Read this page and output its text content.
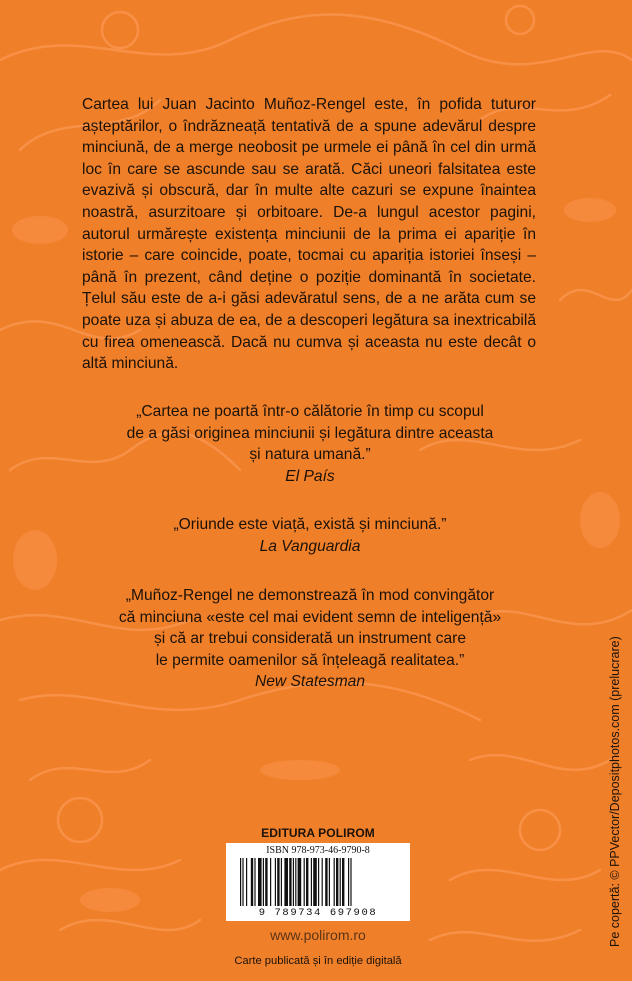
Cartea lui Juan Jacinto Muñoz-Rengel este, în pofida tuturor așteptărilor, o îndrăzneață tentativă de a spune adevărul despre minciună, de a merge neobosit pe urmele ei până în cel din urmă loc în care se ascunde sau se arată. Căci uneori falsitatea este evazivă și obscură, dar în multe alte cazuri se expune înaintea noastră, asurzitoare și orbitoare. De-a lungul acestor pagini, autorul urmărește existența minciunii de la prima ei apariție în istorie – care coincide, poate, tocmai cu apariția istoriei înseși – până în prezent, când deține o poziție dominantă în societate. Țelul său este de a-i găsi adevăratul sens, de a ne arăta cum se poate uza și abuza de ea, de a descoperi legătura sa inextricabilă cu firea omenească. Dacă nu cumva și aceasta nu este decât o altă minciună.

„Cartea ne poartă într-o călătorie în timp cu scopul

de a găsi originea minciunii și legătura dintre aceasta

și natura umană.”

El País

„Oriunde este viață, există și minciună.”

La Vanguardia

„Muñoz-Rengel ne demonstrează în mod convingător

că minciuna «este cel mai evident semn de inteligență»

și că ar trebui considerată un instrument care

le permite oamenilor să înțeleagă realitatea.”

New Statesman

EDITURA POLIROM
ISBN 978-973-46-9790-8
9 789734 697908
www.polirom.ro
Carte publicată și în ediție digitală
Pe copertă: © PPVector/Depositphotos.com (prelucrare)
